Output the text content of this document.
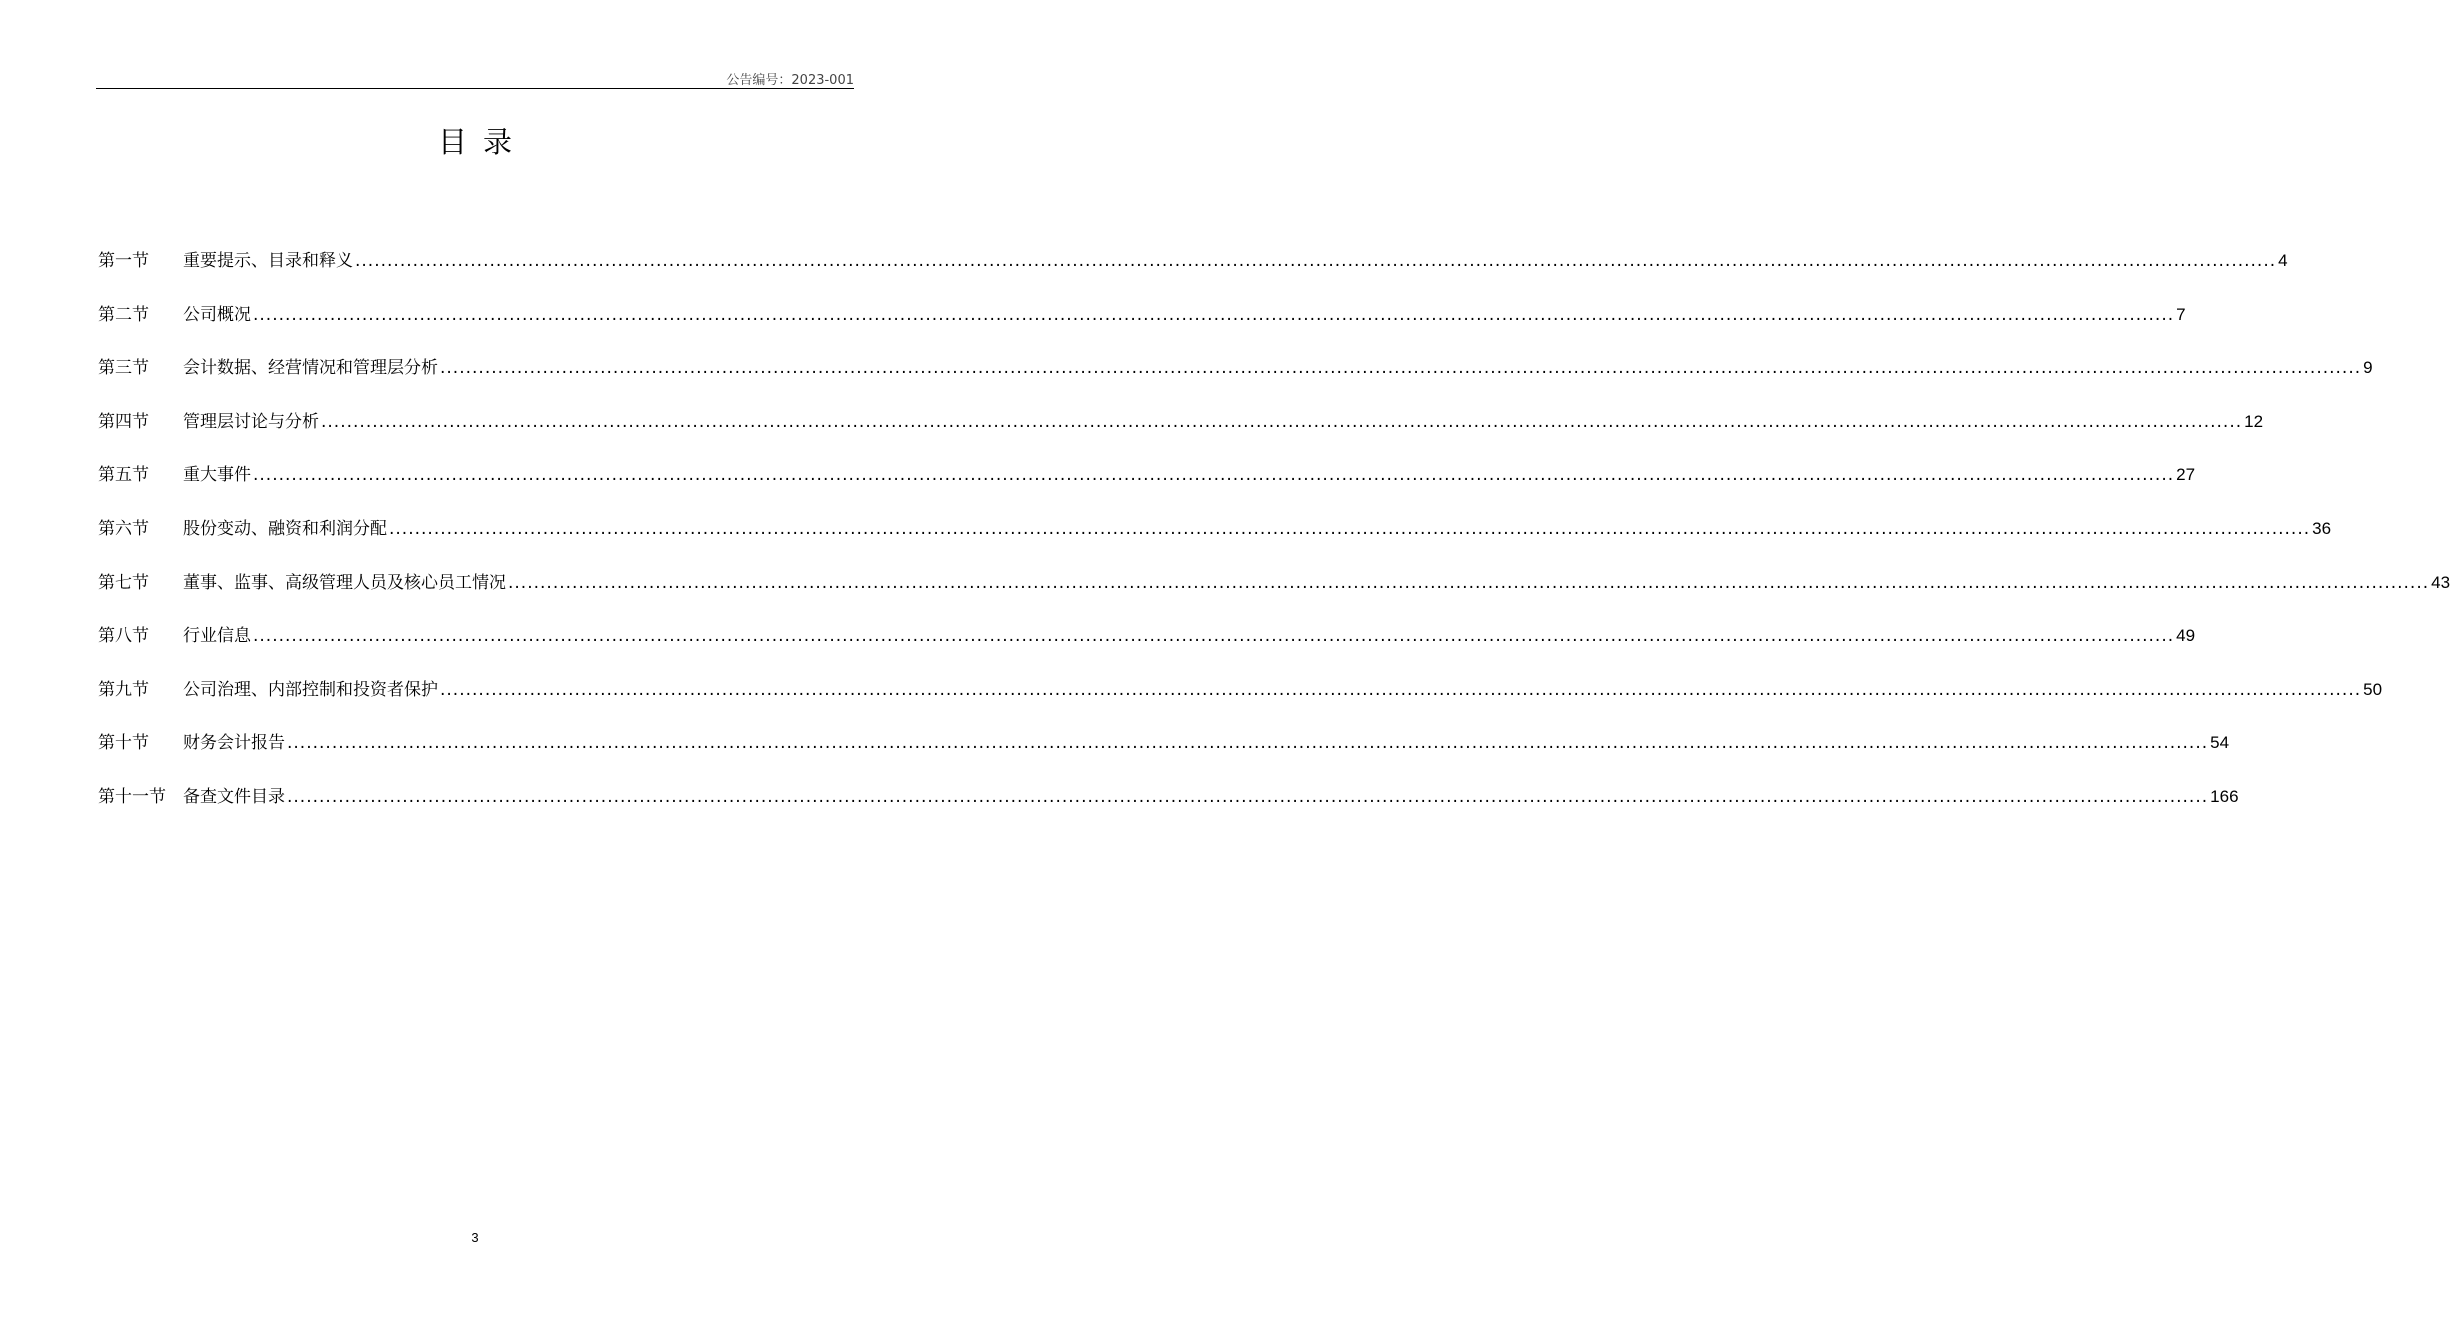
公告编号：2023-001
目录
第一节	重要提示、目录和释义 ............................................................................................................................................................................................................................................................................................................ 4
第二节	公司概况 ............................................................................................................................................................................................................................................................................................................ 7
第三节	会计数据、经营情况和管理层分析 ............................................................................................................................................................................................................................................................................................................ 9
第四节	管理层讨论与分析 ............................................................................................................................................................................................................................................................................................................ 12
第五节	重大事件 ............................................................................................................................................................................................................................................................................................................ 27
第六节	股份变动、融资和利润分配 ............................................................................................................................................................................................................................................................................................................ 36
第七节	董事、监事、高级管理人员及核心员工情况 ............................................................................................................................................................................................................................................................................................................ 43
第八节	行业信息 ............................................................................................................................................................................................................................................................................................................ 49
第九节	公司治理、内部控制和投资者保护 ............................................................................................................................................................................................................................................................................................................ 50
第十节	财务会计报告 ............................................................................................................................................................................................................................................................................................................ 54
第十一节	备查文件目录 ............................................................................................................................................................................................................................................................................................................ 166
3
